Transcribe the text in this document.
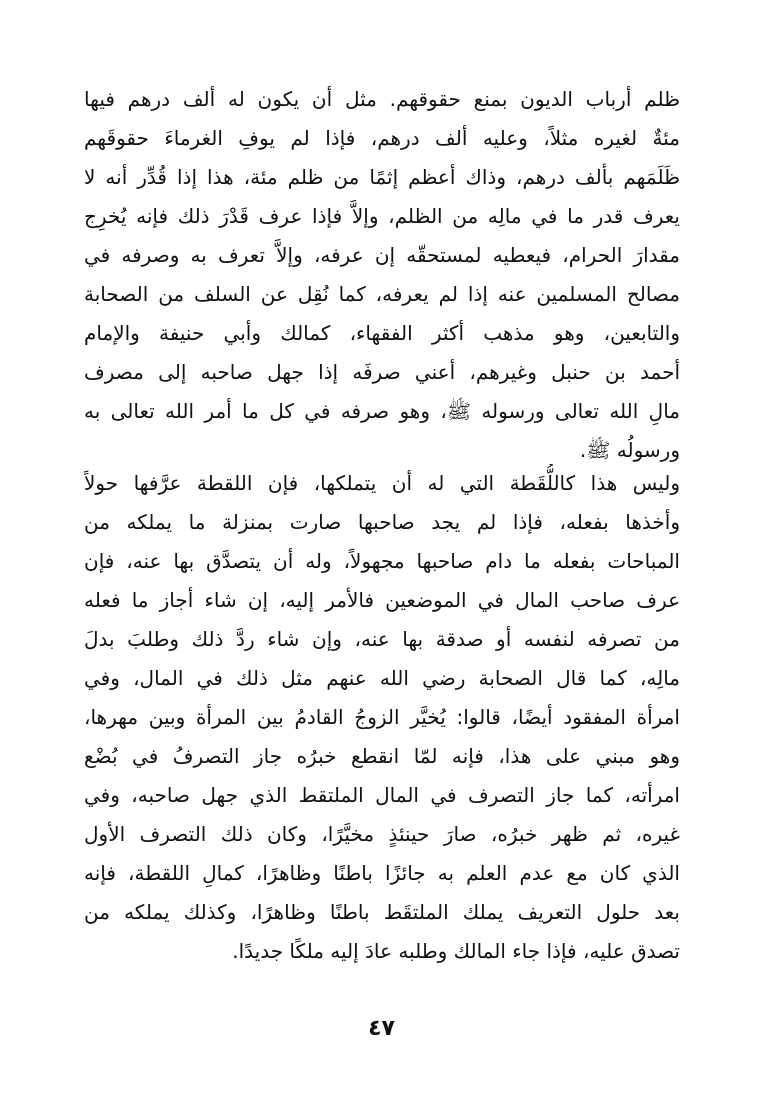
ظلم أرباب الديون بمنع حقوقهم. مثل أن يكون له ألف درهم فيها
مئةٌ لغيره مثلاً، وعليه ألف درهم، فإذا لم يوفِ الغرماءَ حقوقَهم
ظَلَمَهم بألف درهم، وذاك أعظم إثمًا من ظلم مئة، هذا إذا قُدِّر أنه لا
يعرف قدر ما في مالِه من الظلم، وإلاَّ فإذا عرف قَدْرَ ذلك فإنه يُخرِج
مقدارَ الحرام، فيعطيه لمستحقّه إن عرفه، وإلاَّ تعرف به وصرفه في
مصالح المسلمين عنه إذا لم يعرفه، كما نُقِل عن السلف من الصحابة
والتابعين، وهو مذهب أكثر الفقهاء، كمالك وأبي حنيفة والإمام
أحمد بن حنبل وغيرهم، أعني صرفَه إذا جهل صاحبه إلى مصرف
مالِ الله تعالى ورسوله ﷺ، وهو صرفه في كل ما أمر الله تعالى به
ورسولُه ﷺ.
وليس هذا كاللُّقَطة التي له أن يتملكها، فإن اللقطة عرَّفها حولاً
وأخذها بفعله، فإذا لم يجد صاحبها صارت بمنزلة ما يملكه من
المباحات بفعله ما دام صاحبها مجهولاً، وله أن يتصدَّق بها عنه، فإن
عرف صاحب المال في الموضعين فالأمر إليه، إن شاء أجاز ما فعله
من تصرفه لنفسه أو صدقة بها عنه، وإن شاء ردَّ ذلك وطلبَ بدلَ
مالِه، كما قال الصحابة رضي الله عنهم مثل ذلك في المال، وفي
امرأة المفقود أيضًا، قالوا: يُخيَّر الزوجُ القادمُ بين المرأة وبين مهرها،
وهو مبني على هذا، فإنه لمّا انقطع خبرُه جاز التصرفُ في بُضْع
امرأته، كما جاز التصرف في المال الملتقط الذي جهل صاحبه، وفي
غيره، ثم ظهر خبرُه، صارَ حينئذٍ مخيَّرًا، وكان ذلك التصرف الأول
الذي كان مع عدم العلم به جائزًا باطنًا وظاهرًا، كمالِ اللقطة، فإنه
بعد حلول التعريف يملك الملتقَط باطنًا وظاهرًا، وكذلك يملكه من
تصدق عليه، فإذا جاء المالك وطلبه عادَ إليه ملكًا جديدًا.
٤٧
